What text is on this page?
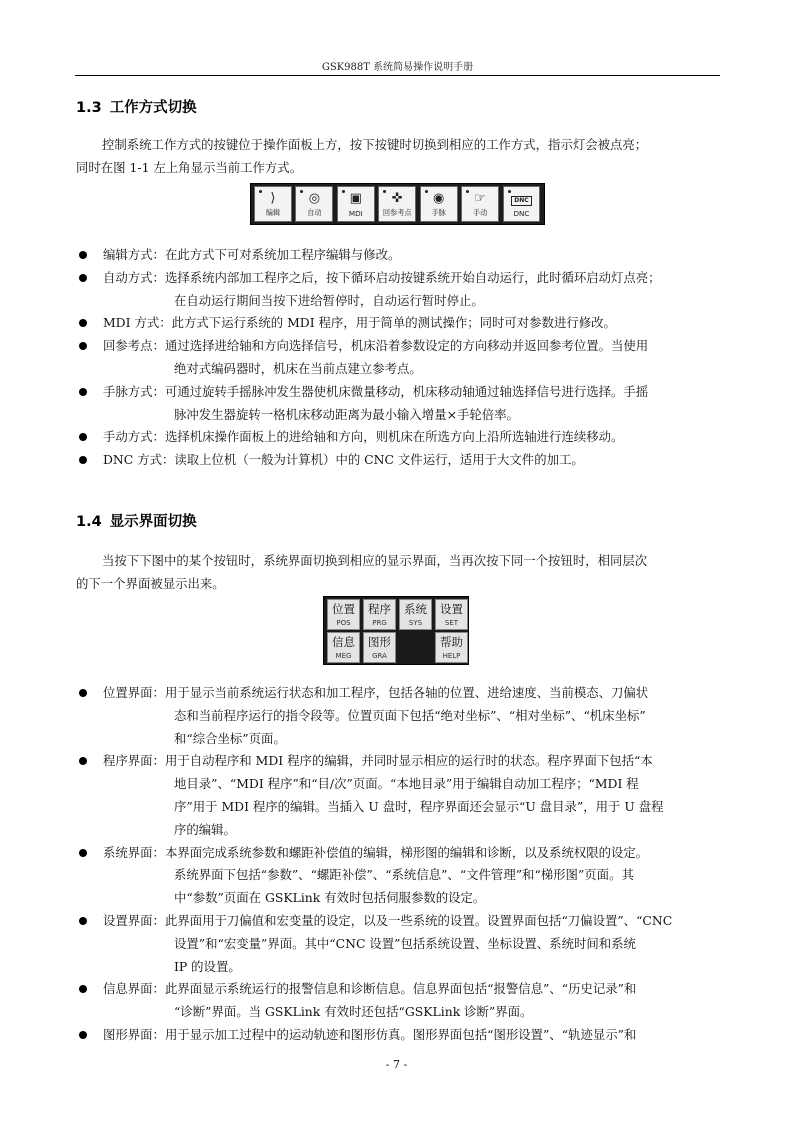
GSK988T 系统简易操作说明手册
1.3 工作方式切换
控制系统工作方式的按键位于操作面板上方，按下按键时切换到相应的工作方式，指示灯会被点亮；
同时在图 1-1 左上角显示当前工作方式。
⟩
编辑
◎
自动
▣
MDI
✜
回参考点
◉
手脉
☞
手动
DNC
DNC
编辑方式：在此方式下可对系统加工程序编辑与修改。
自动方式：选择系统内部加工程序之后，按下循环启动按键系统开始自动运行，此时循环启动灯点亮；
在自动运行期间当按下进给暂停时，自动运行暂时停止。
MDI 方式：此方式下运行系统的 MDI 程序，用于简单的测试操作；同时可对参数进行修改。
回参考点：通过选择进给轴和方向选择信号，机床沿着参数设定的方向移动并返回参考位置。当使用
绝对式编码器时，机床在当前点建立参考点。
手脉方式：可通过旋转手摇脉冲发生器使机床微量移动，机床移动轴通过轴选择信号进行选择。手摇
脉冲发生器旋转一格机床移动距离为最小输入增量×手轮倍率。
手动方式：选择机床操作面板上的进给轴和方向，则机床在所选方向上沿所选轴进行连续移动。
DNC 方式：读取上位机（一般为计算机）中的 CNC 文件运行，适用于大文件的加工。
1.4 显示界面切换
当按下下图中的某个按钮时，系统界面切换到相应的显示界面，当再次按下同一个按钮时，相同层次
的下一个界面被显示出来。
位置
POS
程序
PRG
系统
SYS
设置
SET
信息
MEG
图形
GRA
帮助
HELP
位置界面：用于显示当前系统运行状态和加工程序，包括各轴的位置、进给速度、当前模态、刀偏状
态和当前程序运行的指令段等。位置页面下包括“绝对坐标”、“相对坐标”、“机床坐标”
和“综合坐标”页面。
程序界面：用于自动程序和 MDI 程序的编辑，并同时显示相应的运行时的状态。程序界面下包括“本
地目录”、“MDI 程序”和“目/次”页面。“本地目录”用于编辑自动加工程序；“MDI 程
序”用于 MDI 程序的编辑。当插入 U 盘时，程序界面还会显示“U 盘目录”，用于 U 盘程
序的编辑。
系统界面：本界面完成系统参数和螺距补偿值的编辑，梯形图的编辑和诊断，以及系统权限的设定。
系统界面下包括“参数”、“螺距补偿”、“系统信息”、“文件管理”和“梯形图”页面。其
中“参数”页面在 GSKLink 有效时包括伺服参数的设定。
设置界面：此界面用于刀偏值和宏变量的设定，以及一些系统的设置。设置界面包括“刀偏设置”、“CNC
设置”和“宏变量”界面。其中“CNC 设置”包括系统设置、坐标设置、系统时间和系统
IP 的设置。
信息界面：此界面显示系统运行的报警信息和诊断信息。信息界面包括“报警信息”、“历史记录”和
“诊断”界面。当 GSKLink 有效时还包括“GSKLink 诊断”界面。
图形界面：用于显示加工过程中的运动轨迹和图形仿真。图形界面包括“图形设置”、“轨迹显示”和
- 7 -
